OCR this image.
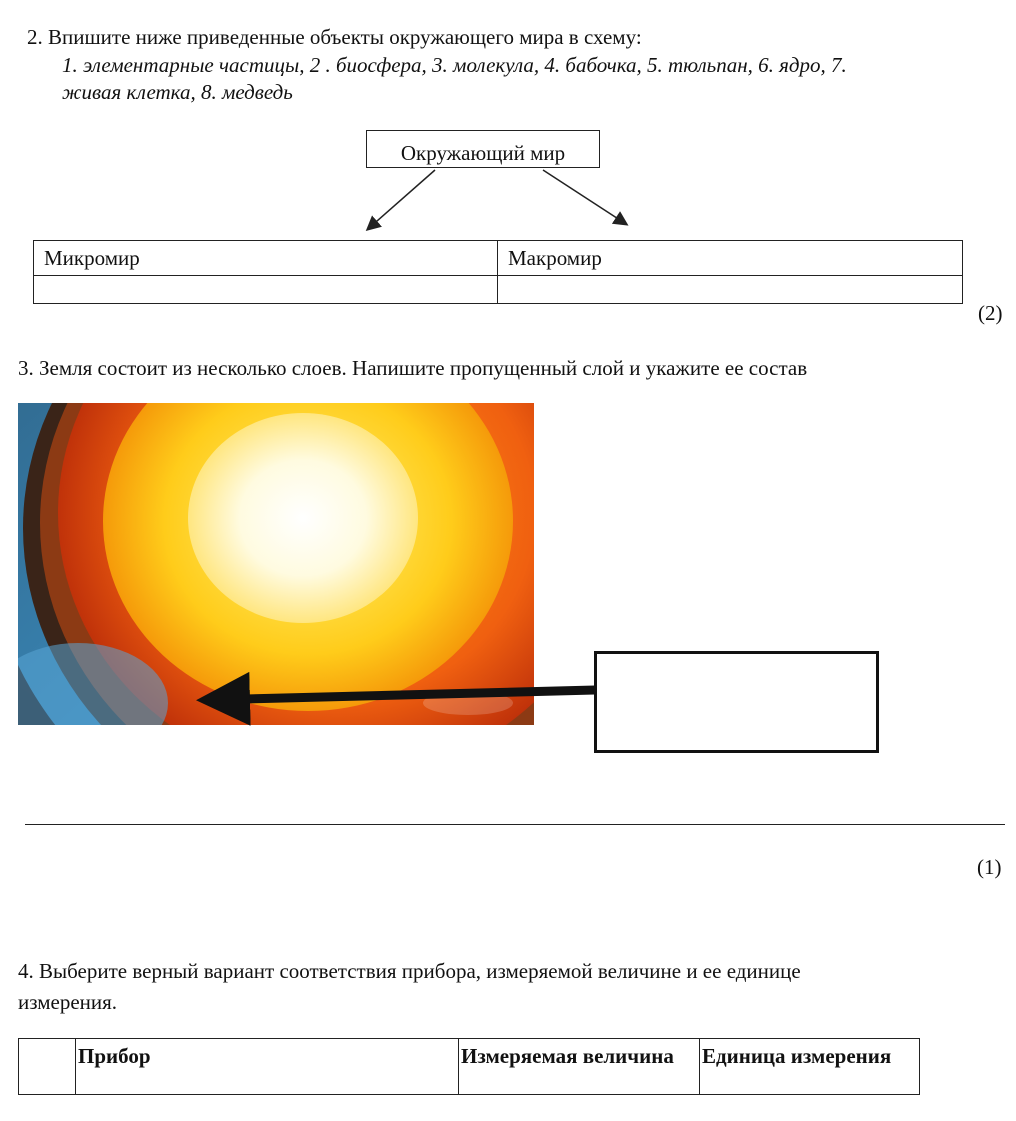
2. Впишите ниже приведенные объекты окружающего мира в схему:
1. элементарные частицы, 2 . биосфера, 3. молекула, 4. бабочка, 5. тюльпан, 6. ядро, 7.
живая клетка, 8. медведь
Окружающий мир
Микромир	Макромир

(2)
3. Земля состоит из несколько слоев. Напишите пропущенный слой и укажите ее состав
(1)
4. Выберите верный вариант соответствия прибора, измеряемой величине и ее единице
измерения.
	Прибор	Измеряемая величина	Единица измерения
